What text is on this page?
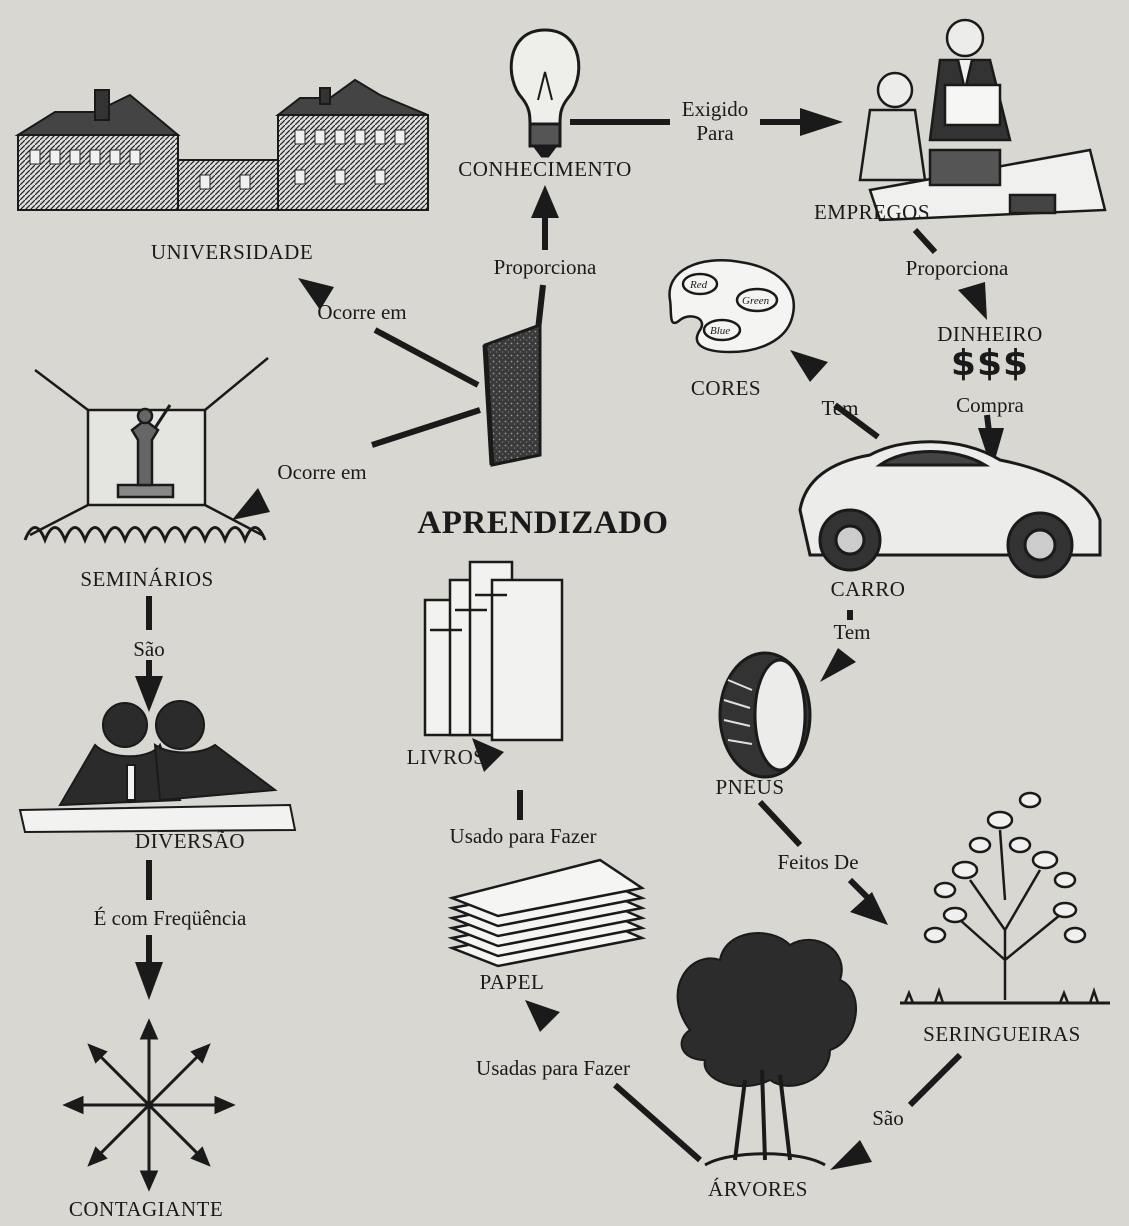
Red
Green
Blue
APRENDIZADO
CONHECIMENTO
EMPREGOS
UNIVERSIDADE
DINHEIRO
$$$
CORES
SEMINÁRIOS	CARRO
LIVROS
PNEUS
DIVERSÃO
PAPEL
SERINGUEIRAS
CONTAGIANTE
ÁRVORES
Exigido
Para
Proporciona
Ocorre em
Ocorre em
Proporciona
Tem	Compra
São
Tem
Usado para Fazer
Feitos De
É com Freqüência
Usadas para Fazer
São
